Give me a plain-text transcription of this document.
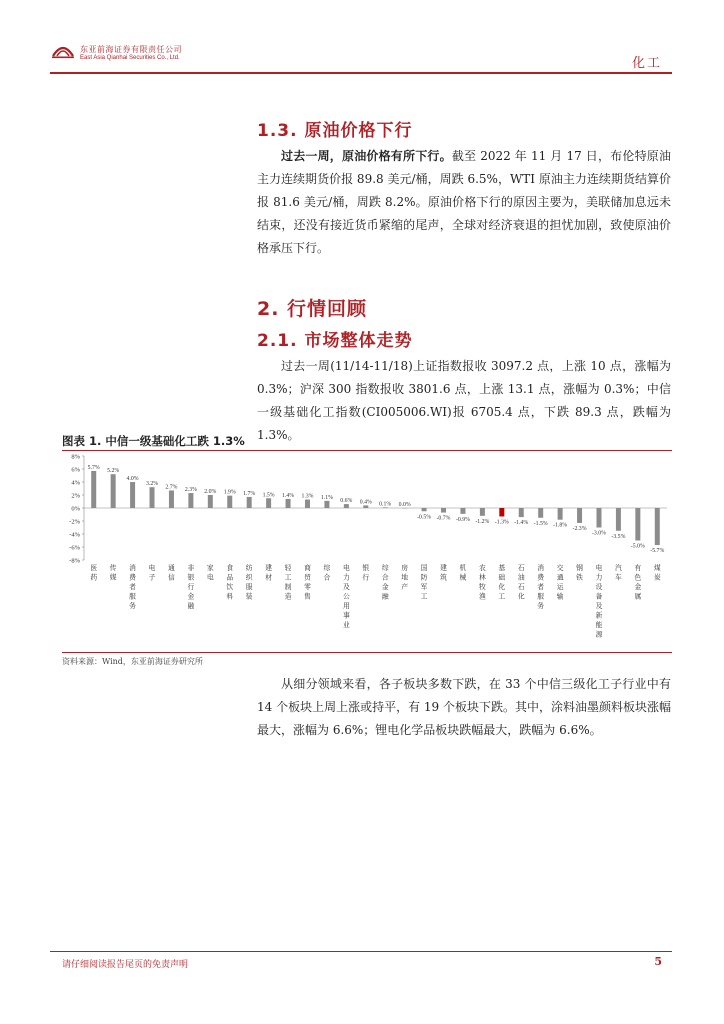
东亚前海证券有限责任公司
East Asia Qianhai Securities Co., Ltd.	化工
1.3. 原油价格下行
过去一周，原油价格有所下行。截至 2022 年 11 月 17 日，布伦特原油主力连续期货价报 89.8 美元/桶，周跌 6.5%，WTI 原油主力连续期货结算价报 81.6 美元/桶，周跌 8.2%。原油价格下行的原因主要为，美联储加息远未结束，还没有接近货币紧缩的尾声，全球对经济衰退的担忧加剧，致使原油价格承压下行。
2. 行情回顾
2.1. 市场整体走势
过去一周(11/14-11/18)上证指数报收 3097.2 点，上涨 10 点，涨幅为 0.3%；沪深 300 指数报收 3801.6 点，上涨 13.1 点，涨幅为 0.3%；中信一级基础化工指数(CI005006.WI)报 6705.4 点，下跌 89.3 点，跌幅为 1.3%。
图表 1. 中信一级基础化工跌 1.3%
8%
6%
4%
2%
0%
-2%
-4%
-6%
-8%
5.7%
医药
5.2%
传媒
4.0%
消费者服务
3.2%
电子
2.7%
通信
2.3%
非银行金融
2.0%
家电
1.9%
食品饮料
1.7%
纺织服装
1.5%
建材
1.4%
轻工制造
1.3%
商贸零售
1.1%
综合
0.6%
电力及公用事业
0.4%
银行
0.1%
综合金融
0.0%
房地产
-0.5%
国防军工
-0.7%
建筑
-0.9%
机械
-1.2%
农林牧渔
-1.3%
基础化工
-1.4%
石油石化
-1.5%
消费者服务
-1.8%
交通运输
-2.3%
钢铁
-3.0%
电力设备及新能源
-3.5%
汽车
-5.0%
有色金属
-5.7%
煤炭
资料来源：Wind，东亚前海证券研究所
从细分领域来看，各子板块多数下跌，在 33 个中信三级化工子行业中有 14 个板块上周上涨或持平，有 19 个板块下跌。其中，涂料油墨颜料板块涨幅最大，涨幅为 6.6%；锂电化学品板块跌幅最大，跌幅为 6.6%。
请仔细阅读报告尾页的免责声明	5
